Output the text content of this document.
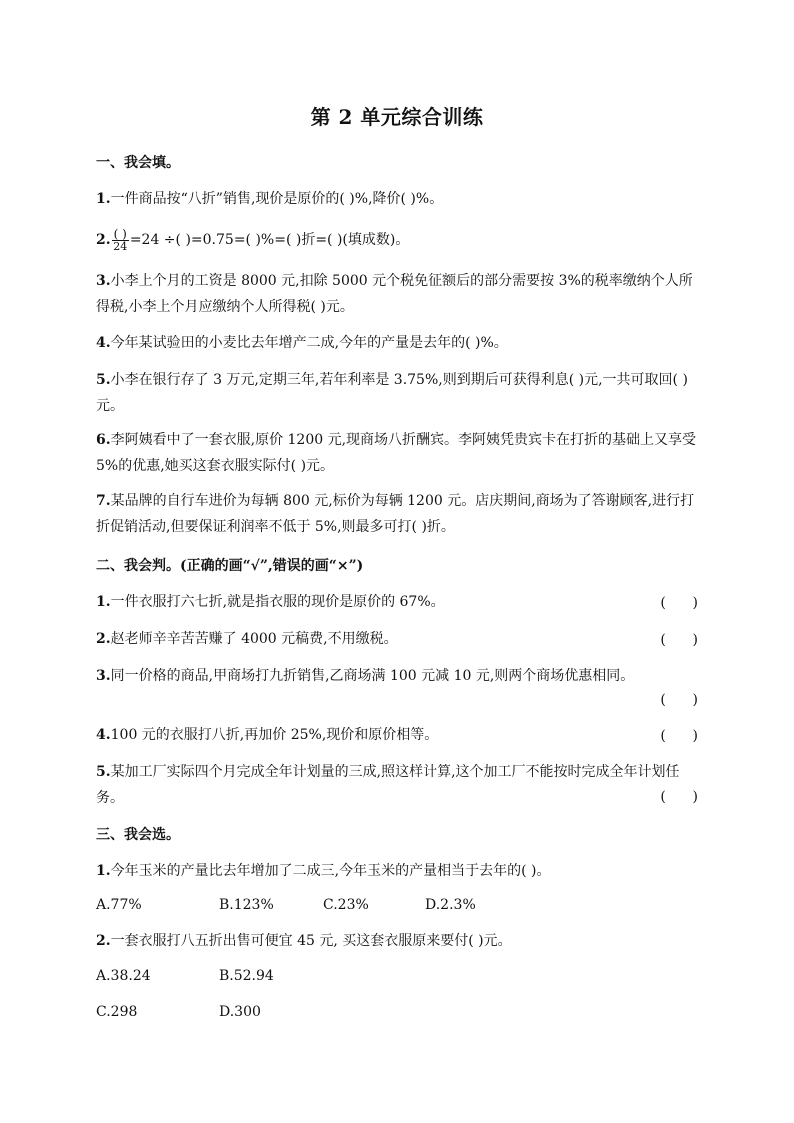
第 2 单元综合训练
一、我会填。
1.一件商品按“八折”销售,现价是原价的( )%,降价( )%。
2. $\frac{( )}{24} =24$ ÷( )=0.75=( )%=( )折=( )(填成数)。
3.小李上个月的工资是 8000 元,扣除 5000 元个税免征额后的部分需要按 3%的税率缴纳个人所得税,小李上个月应缴纳个人所得税( )元。
4.今年某试验田的小麦比去年增产二成,今年的产量是去年的( )%。
5.小李在银行存了 3 万元,定期三年,若年利率是 3.75%,则到期后可获得利息( )元,一共可取回( )元。
6.李阿姨看中了一套衣服,原价 1200 元,现商场八折酬宾。李阿姨凭贵宾卡在打折的基础上又享受 5%的优惠,她买这套衣服实际付( )元。
7.某品牌的自行车进价为每辆 800 元,标价为每辆 1200 元。店庆期间,商场为了答谢顾客,进行打折促销活动,但要保证利润率不低于 5%,则最多可打( )折。
二、我会判。(正确的画“√”,错误的画“×”)
1.一件衣服打六七折,就是指衣服的现价是原价的 67%。	(      )
2.赵老师辛辛苦苦赚了 4000 元稿费,不用缴税。	(      )
3.同一价格的商品,甲商场打九折销售,乙商场满 100 元减 10 元,则两个商场优惠相同。
(      )
4.100 元的衣服打八折,再加价 25%,现价和原价相等。	(      )
5.某加工厂实际四个月完成全年计划量的三成,照这样计算,这个加工厂不能按时完成全年计划任务。	(      )
三、我会选。
1.今年玉米的产量比去年增加了二成三,今年玉米的产量相当于去年的( )。
A.77%	B.123%	C.23%	D.2.3%
2.一套衣服打八五折出售可便宜 45 元, 买这套衣服原来要付( )元。
A.38.24	B.52.94
C.298	D.300
